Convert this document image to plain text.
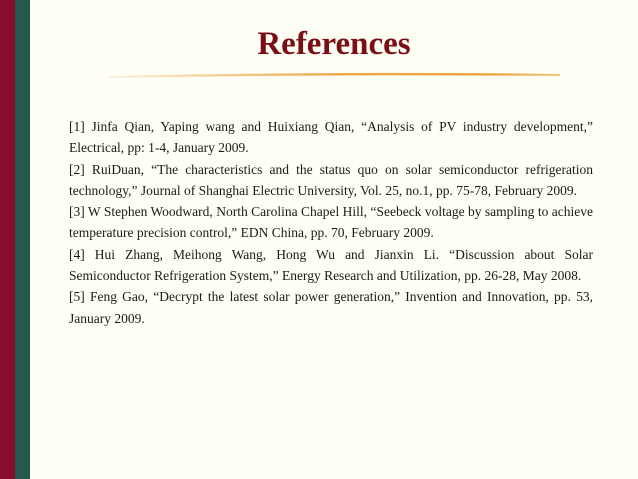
References

[1] Jinfa Qian, Yaping wang and Huixiang Qian, “Analysis of PV industry development,” Electrical, pp: 1-4, January 2009.

[2] RuiDuan, “The characteristics and the status quo on solar semiconductor refrigeration technology,” Journal of Shanghai Electric University, Vol. 25, no.1, pp. 75-78, February 2009.

[3] W Stephen Woodward, North Carolina Chapel Hill, “Seebeck voltage by sampling to achieve temperature precision control,” EDN China, pp. 70, February 2009.

[4] Hui Zhang, Meihong Wang, Hong Wu and Jianxin Li. “Discussion about Solar Semiconductor Refrigeration System,” Energy Research and Utilization, pp. 26-28, May 2008.

[5] Feng Gao, “Decrypt the latest solar power generation,” Invention and Innovation, pp. 53, January 2009.
